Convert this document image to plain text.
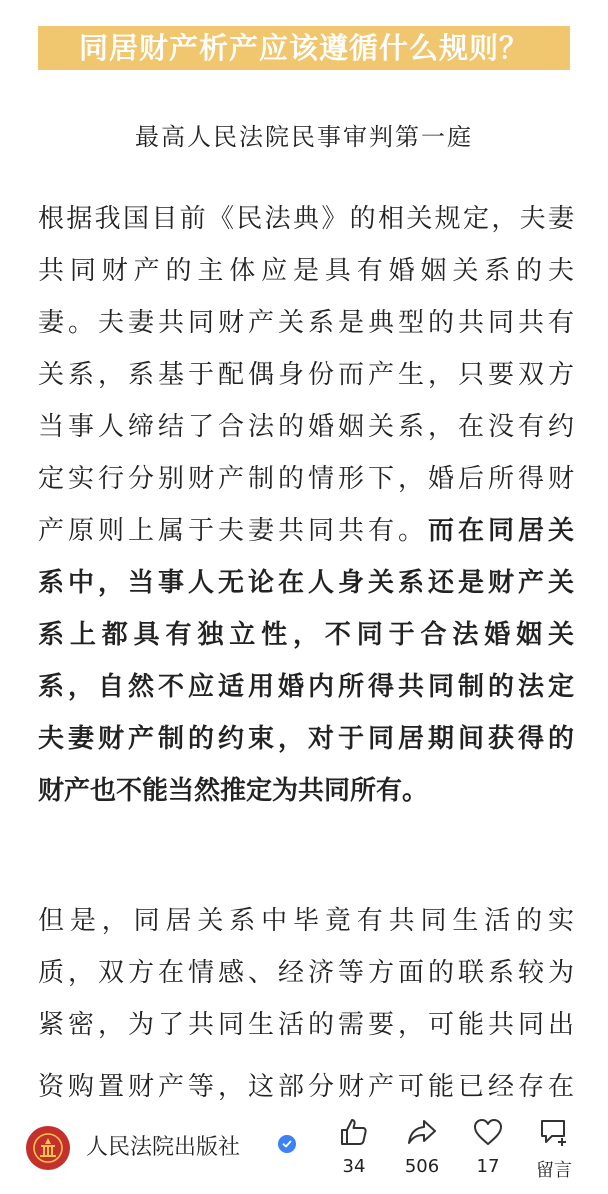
同居财产析产应该遵循什么规则？
最高人民法院民事审判第一庭
根据我国目前《民法典》的相关规定，夫妻
共同财产的主体应是具有婚姻关系的夫
妻。夫妻共同财产关系是典型的共同共有
关系，系基于配偶身份而产生，只要双方
当事人缔结了合法的婚姻关系，在没有约
定实行分别财产制的情形下，婚后所得财
产原则上属于夫妻共同共有。而在同居关
系中，当事人无论在人身关系还是财产关
系上都具有独立性，不同于合法婚姻关
系，自然不应适用婚内所得共同制的法定
夫妻财产制的约束，对于同居期间获得的
财产也不能当然推定为共同所有。
但是，同居关系中毕竟有共同生活的实
质，双方在情感、经济等方面的联系较为
紧密，为了共同生活的需要，可能共同出
资购置财产等，这部分财产可能已经存在
人民法院出版社
34	506	17	留言
